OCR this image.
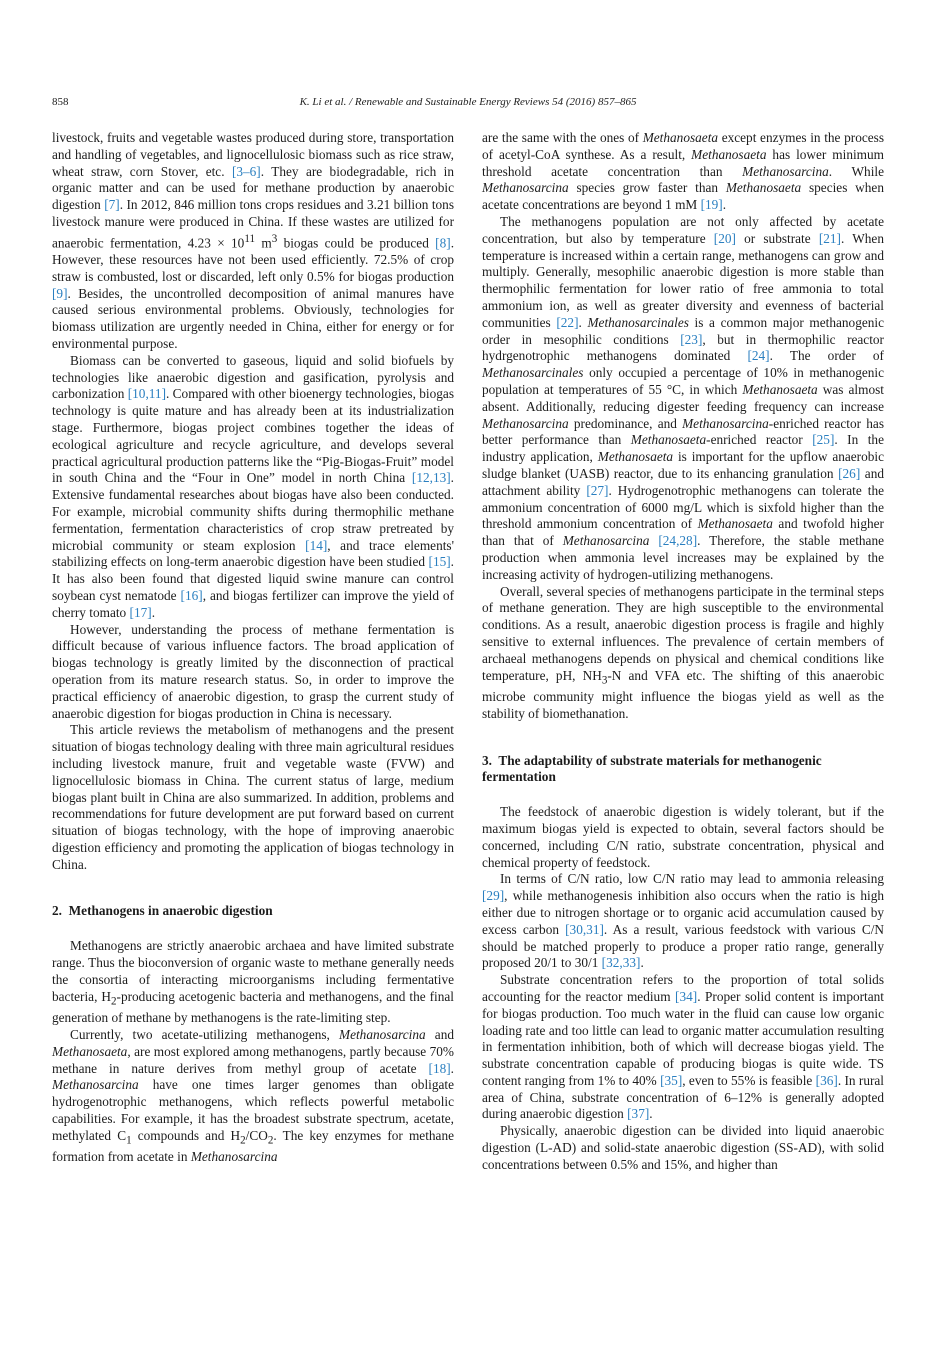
858	K. Li et al. / Renewable and Sustainable Energy Reviews 54 (2016) 857–865

livestock, fruits and vegetable wastes produced during store, transportation and handling of vegetables, and lignocellulosic biomass such as rice straw, wheat straw, corn Stover, etc. [3–6]. They are biodegradable, rich in organic matter and can be used for methane production by anaerobic digestion [7]. In 2012, 846 million tons crops residues and 3.21 billion tons livestock manure were produced in China. If these wastes are utilized for anaerobic fermentation, $4.23 \times 10^{11}$ $m^3$ biogas could be produced [8]. However, these resources have not been used efficiently. 72.5% of crop straw is combusted, lost or discarded, left only 0.5% for biogas production [9]. Besides, the uncontrolled decomposition of animal manures have caused serious environmental problems. Obviously, technologies for biomass utilization are urgently needed in China, either for energy or for environmental purpose.

Biomass can be converted to gaseous, liquid and solid biofuels by technologies like anaerobic digestion and gasification, pyrolysis and carbonization [10,11]. Compared with other bioenergy technologies, biogas technology is quite mature and has already been at its industrialization stage. Furthermore, biogas project combines together the ideas of ecological agriculture and recycle agriculture, and develops several practical agricultural production patterns like the “Pig-Biogas-Fruit” model in south China and the “Four in One” model in north China [12,13]. Extensive fundamental researches about biogas have also been conducted. For example, microbial community shifts during thermophilic methane fermentation, fermentation characteristics of crop straw pretreated by microbial community or steam explosion [14], and trace elements' stabilizing effects on long-term anaerobic digestion have been studied [15]. It has also been found that digested liquid swine manure can control soybean cyst nematode [16], and biogas fertilizer can improve the yield of cherry tomato [17].

However, understanding the process of methane fermentation is difficult because of various influence factors. The broad application of biogas technology is greatly limited by the disconnection of practical operation from its mature research status. So, in order to improve the practical efficiency of anaerobic digestion, to grasp the current study of anaerobic digestion for biogas production in China is necessary.

This article reviews the metabolism of methanogens and the present situation of biogas technology dealing with three main agricultural residues including livestock manure, fruit and vegetable waste (FVW) and lignocellulosic biomass in China. The current status of large, medium biogas plant built in China are also summarized. In addition, problems and recommendations for future development are put forward based on current situation of biogas technology, with the hope of improving anaerobic digestion efficiency and promoting the application of biogas technology in China.

2.  Methanogens in anaerobic digestion

Methanogens are strictly anaerobic archaea and have limited substrate range. Thus the bioconversion of organic waste to methane generally needs the consortia of interacting microorganisms including fermentative bacteria, $H_2$-producing acetogenic bacteria and methanogens, and the final generation of methane by methanogens is the rate-limiting step.

Currently, two acetate-utilizing methanogens, Methanosarcina and Methanosaeta, are most explored among methanogens, partly because 70% methane in nature derives from methyl group of acetate [18]. Methanosarcina have one times larger genomes than obligate hydrogenotrophic methanogens, which reflects powerful metabolic capabilities. For example, it has the broadest substrate spectrum, acetate, methylated $C_1$ compounds and $H_2/CO_2$. The key enzymes for methane formation from acetate in Methanosarcina

are the same with the ones of Methanosaeta except enzymes in the process of acetyl-CoA synthese. As a result, Methanosaeta has lower minimum threshold acetate concentration than Methanosarcina. While Methanosarcina species grow faster than Methanosaeta species when acetate concentrations are beyond 1 mM [19].

The methanogens population are not only affected by acetate concentration, but also by temperature [20] or substrate [21]. When temperature is increased within a certain range, methanogens can grow and multiply. Generally, mesophilic anaerobic digestion is more stable than thermophilic fermentation for lower ratio of free ammonia to total ammonium ion, as well as greater diversity and evenness of bacterial communities [22]. Methanosarcinales is a common major methanogenic order in mesophilic conditions [23], but in thermophilic reactor hydrgenotrophic methanogens dominated [24]. The order of Methanosarcinales only occupied a percentage of 10% in methanogenic population at temperatures of 55 °C, in which Methanosaeta was almost absent. Additionally, reducing digester feeding frequency can increase Methanosarcina predominance, and Methanosarcina-enriched reactor has better performance than Methanosaeta-enriched reactor [25]. In the industry application, Methanosaeta is important for the upflow anaerobic sludge blanket (UASB) reactor, due to its enhancing granulation [26] and attachment ability [27]. Hydrogenotrophic methanogens can tolerate the ammonium concentration of 6000 mg/L which is sixfold higher than the threshold ammonium concentration of Methanosaeta and twofold higher than that of Methanosarcina [24,28]. Therefore, the stable methane production when ammonia level increases may be explained by the increasing activity of hydrogen-utilizing methanogens.

Overall, several species of methanogens participate in the terminal steps of methane generation. They are high susceptible to the environmental conditions. As a result, anaerobic digestion process is fragile and highly sensitive to external influences. The prevalence of certain members of archaeal methanogens depends on physical and chemical conditions like temperature, pH, $NH_3-N$ and VFA etc. The shifting of this anaerobic microbe community might influence the biogas yield as well as the stability of biomethanation.

3.  The adaptability of substrate materials for methanogenic fermentation

The feedstock of anaerobic digestion is widely tolerant, but if the maximum biogas yield is expected to obtain, several factors should be concerned, including C/N ratio, substrate concentration, physical and chemical property of feedstock.

In terms of C/N ratio, low C/N ratio may lead to ammonia releasing [29], while methanogenesis inhibition also occurs when the ratio is high either due to nitrogen shortage or to organic acid accumulation caused by excess carbon [30,31]. As a result, various feedstock with various C/N should be matched properly to produce a proper ratio range, generally proposed 20/1 to 30/1 [32,33].

Substrate concentration refers to the proportion of total solids accounting for the reactor medium [34]. Proper solid content is important for biogas production. Too much water in the fluid can cause low organic loading rate and too little can lead to organic matter accumulation resulting in fermentation inhibition, both of which will decrease biogas yield. The substrate concentration capable of producing biogas is quite wide. TS content ranging from 1% to 40% [35], even to 55% is feasible [36]. In rural area of China, substrate concentration of 6–12% is generally adopted during anaerobic digestion [37].

Physically, anaerobic digestion can be divided into liquid anaerobic digestion (L-AD) and solid-state anaerobic digestion (SS-AD), with solid concentrations between 0.5% and 15%, and higher than
